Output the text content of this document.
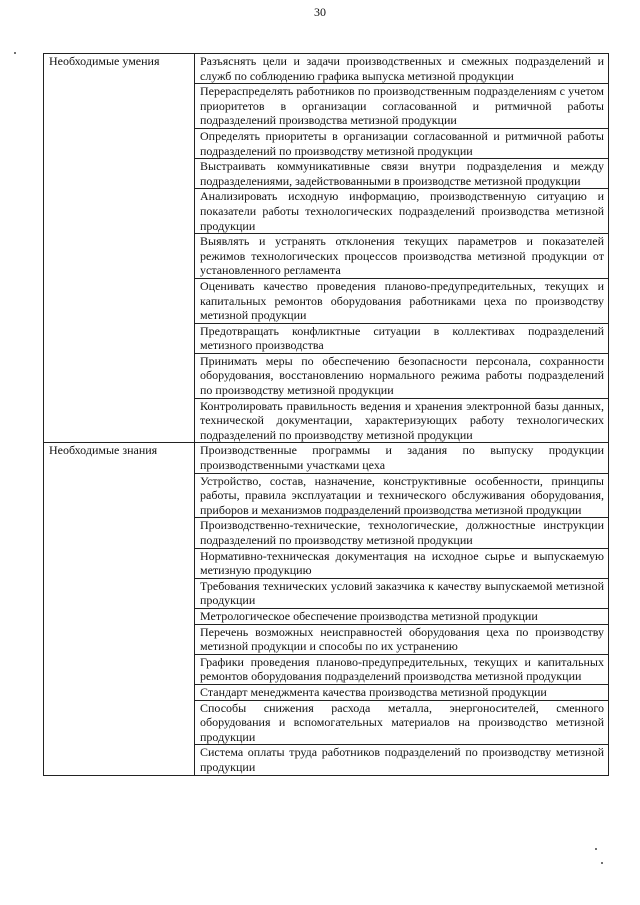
30
Необходимые умения	Разъяснять цели и задачи производственных и смежных подразделений и служб по соблюдению графика выпуска метизной продукции
	Перераспределять работников по производственным подразделениям с учетом приоритетов в организации согласованной и ритмичной работы подразделений производства метизной продукции
	Определять приоритеты в организации согласованной и ритмичной работы подразделений по производству метизной продукции
	Выстраивать коммуникативные связи внутри подразделения и между подразделениями, задействованными в производстве метизной продукции
	Анализировать исходную информацию, производственную ситуацию и показатели работы технологических подразделений производства метизной продукции
	Выявлять и устранять отклонения текущих параметров и показателей режимов технологических процессов производства метизной продукции от установленного регламента
	Оценивать качество проведения планово-предупредительных, текущих и капитальных ремонтов оборудования работниками цеха по производству метизной продукции
	Предотвращать конфликтные ситуации в коллективах подразделений метизного производства
	Принимать меры по обеспечению безопасности персонала, сохранности оборудования, восстановлению нормального режима работы подразделений по производству метизной продукции
	Контролировать правильность ведения и хранения электронной базы данных, технической документации, характеризующих работу технологических подразделений по производству метизной продукции
Необходимые знания	Производственные программы и задания по выпуску продукции производственными участками цеха
	Устройство, состав, назначение, конструктивные особенности, принципы работы, правила эксплуатации и технического обслуживания оборудования, приборов и механизмов подразделений производства метизной продукции
	Производственно-технические, технологические, должностные инструкции подразделений по производству метизной продукции
	Нормативно-техническая документация на исходное сырье и выпускаемую метизную продукцию
	Требования технических условий заказчика к качеству выпускаемой метизной продукции
	Метрологическое обеспечение производства метизной продукции
	Перечень возможных неисправностей оборудования цеха по производству метизной продукции и способы по их устранению
	Графики проведения планово-предупредительных, текущих и капитальных ремонтов оборудования подразделений производства метизной продукции
	Стандарт менеджмента качества производства метизной продукции
	Способы снижения расхода металла, энергоносителей, сменного оборудования и вспомогательных материалов на производство метизной продукции
	Система оплаты труда работников подразделений по производству метизной продукции
